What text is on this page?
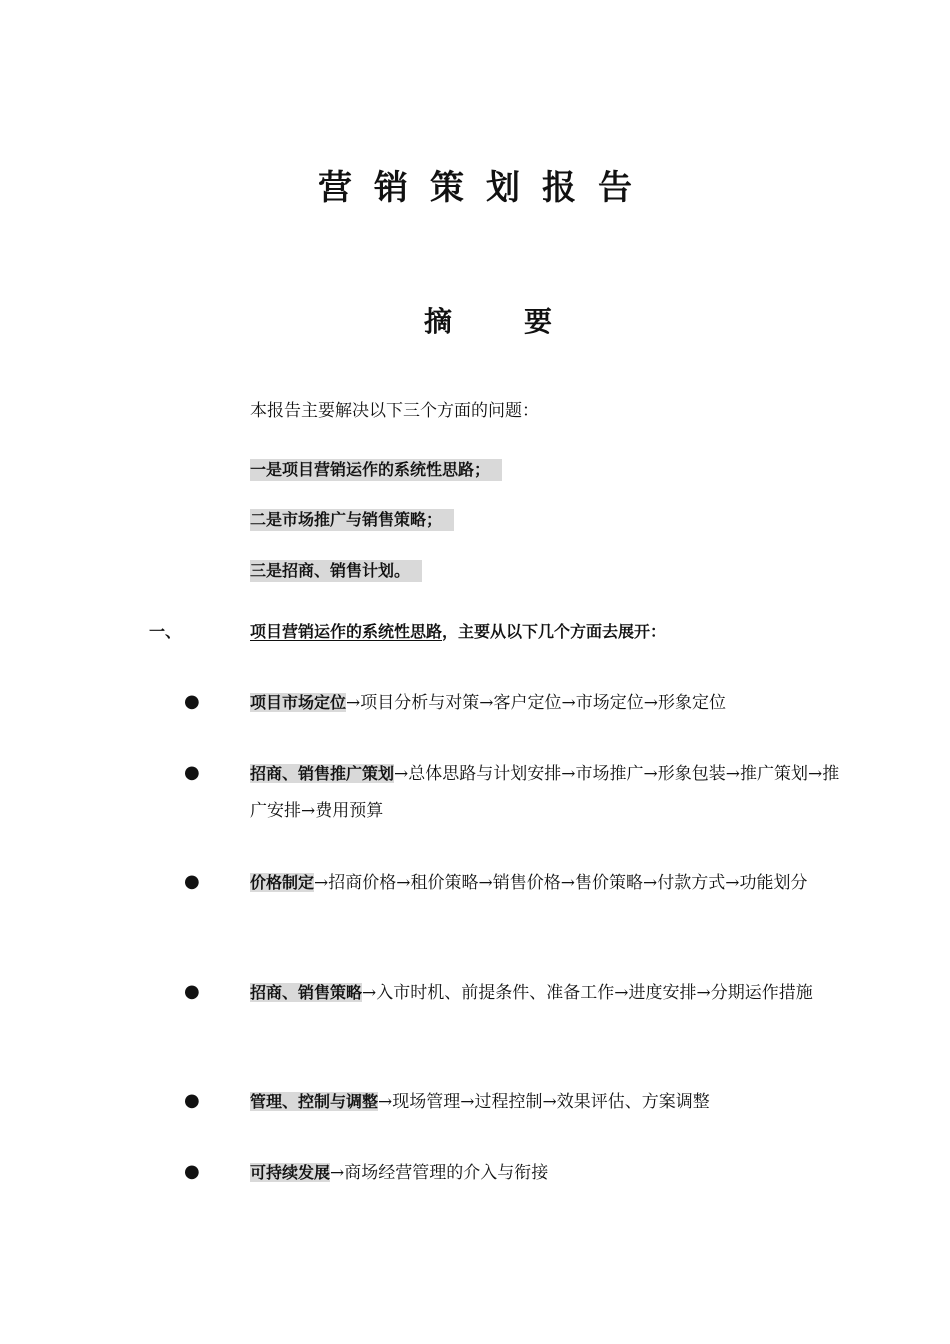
营销策划报告
摘	要
本报告主要解决以下三个方面的问题：
一是项目营销运作的系统性思路；
二是市场推广与销售策略；
三是招商、销售计划。
一、	项目营销运作的系统性思路，主要从以下几个方面去展开：
●	项目市场定位→项目分析与对策→客户定位→市场定位→形象定位
●	招商、销售推广策划→总体思路与计划安排→市场推广→形象包装→推广策划→推广安排→费用预算
●	价格制定→招商价格→租价策略→销售价格→售价策略→付款方式→功能划分
●	招商、销售策略→入市时机、前提条件、准备工作→进度安排→分期运作措施
●	管理、控制与调整→现场管理→过程控制→效果评估、方案调整
●	可持续发展→商场经营管理的介入与衔接
